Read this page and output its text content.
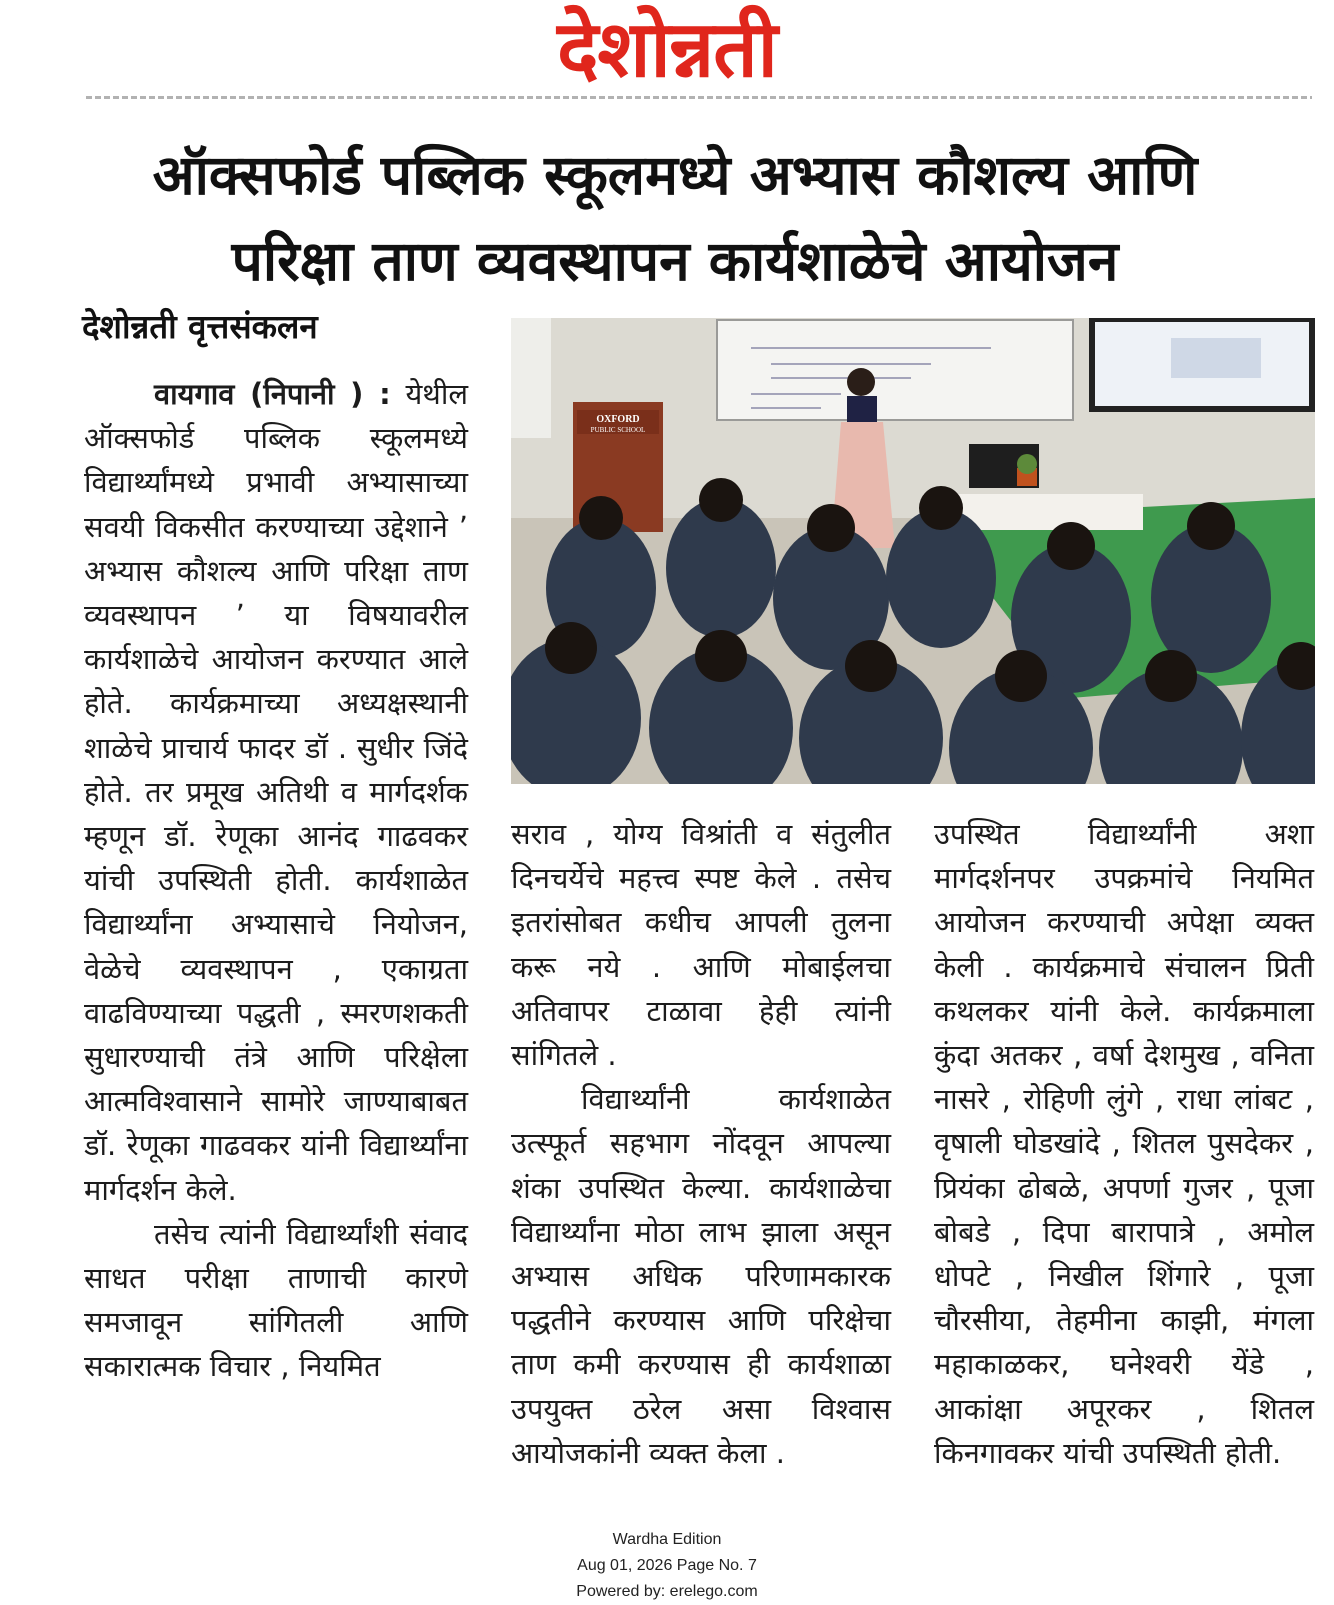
देशोन्नती
ऑक्सफोर्ड पब्लिक स्कूलमध्ये अभ्यास कौशल्य आणि
परिक्षा ताण व्यवस्थापन कार्यशाळेचे आयोजन
देशोन्नती वृत्तसंकलन
OXFORD
PUBLIC SCHOOL

वायगाव (निपानी ) : येथील ऑक्सफोर्ड पब्लिक स्कूलमध्ये विद्यार्थ्यांमध्ये प्रभावी अभ्यासाच्या सवयी विकसीत करण्याच्या उद्देशाने ’ अभ्यास कौशल्य आणि परिक्षा ताण व्यवस्थापन ’ या विषयावरील कार्यशाळेचे आयोजन करण्यात आले होते. कार्यक्रमाच्या अध्यक्षस्थानी शाळेचे प्राचार्य फादर डॉ . सुधीर जिंदे होते. तर प्रमूख अतिथी व मार्गदर्शक म्हणून डॉ. रेणूका आनंद गाढवकर यांची उपस्थिती होती. कार्यशाळेत विद्यार्थ्यांना अभ्यासाचे नियोजन, वेळेचे व्यवस्थापन , एकाग्रता वाढविण्याच्या पद्धती , स्मरणशकती सुधारण्याची तंत्रे आणि परिक्षेला आत्मविश्वासाने सामोरे जाण्याबाबत डॉ. रेणूका गाढवकर यांनी विद्यार्थ्यांना मार्गदर्शन केले.

तसेच त्यांनी विद्यार्थ्यांशी संवाद साधत परीक्षा ताणाची कारणे समजावून सांगितली आणि सकारात्मक विचार , नियमित

सराव , योग्य विश्रांती व संतुलीत दिनचर्येचे महत्त्व स्पष्ट केले . तसेच इतरांसोबत कधीच आपली तुलना करू नये . आणि मोबाईलचा अतिवापर टाळावा हेही त्यांनी सांगितले .

विद्यार्थ्यांनी कार्यशाळेत उत्स्फूर्त सहभाग नोंदवून आपल्या शंका उपस्थित केल्या. कार्यशाळेचा विद्यार्थ्यांना मोठा लाभ झाला असून अभ्यास अधिक परिणामकारक पद्धतीने करण्यास आणि परिक्षेचा ताण कमी करण्यास ही कार्यशाळा उपयुक्त ठरेल असा विश्वास आयोजकांनी व्यक्त केला .

उपस्थित विद्यार्थ्यांनी अशा मार्गदर्शनपर उपक्रमांचे नियमित आयोजन करण्याची अपेक्षा व्यक्त केली . कार्यक्रमाचे संचालन प्रिती कथलकर यांनी केले. कार्यक्रमाला कुंदा अतकर , वर्षा देशमुख , वनिता नासरे , रोहिणी लुंगे , राधा लांबट , वृषाली घोडखांदे , शितल पुसदेकर , प्रियंका ढोबळे, अपर्णा गुजर , पूजा बोबडे , दिपा बारापात्रे , अमोल धोपटे , निखील शिंगारे , पूजा चौरसीया, तेहमीना काझी, मंगला महाकाळकर, घनेश्वरी येंडे , आकांक्षा अपूरकर , शितल किनगावकर यांची उपस्थिती होती.

Wardha Edition
Aug 01, 2026 Page No. 7
Powered by: erelego.com
